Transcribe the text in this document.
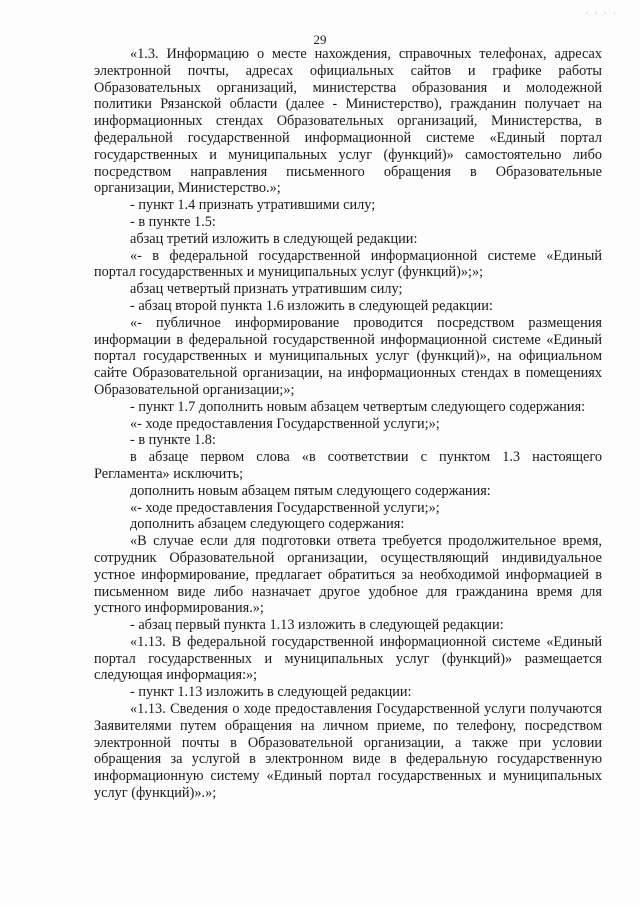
· · · ·
29

«1.3. Информацию о месте нахождения, справочных телефонах, адресах электронной почты, адресах официальных сайтов и графике работы Образовательных организаций, министерства образования и молодежной политики Рязанской области (далее - Министерство), гражданин получает на информационных стендах Образовательных организаций, Министерства, в федеральной государственной информационной системе «Единый портал государственных и муниципальных услуг (функций)» самостоятельно либо посредством направления письменного обращения в Образовательные организации, Министерство.»;

- пункт 1.4 признать утратившими силу;

- в пункте 1.5:

абзац третий изложить в следующей редакции:

«- в федеральной государственной информационной системе «Единый портал государственных и муниципальных услуг (функций)»;»;

абзац четвертый признать утратившим силу;

- абзац второй пункта 1.6 изложить в следующей редакции:

«- публичное информирование проводится посредством размещения информации в федеральной государственной информационной системе «Единый портал государственных и муниципальных услуг (функций)», на официальном сайте Образовательной организации, на информационных стендах в помещениях Образовательной организации;»;

- пункт 1.7 дополнить новым абзацем четвертым следующего содержания:

«- ходе предоставления Государственной услуги;»;

- в пункте 1.8:

в абзаце первом слова «в соответствии с пунктом 1.3 настоящего Регламента» исключить;

дополнить новым абзацем пятым следующего содержания:

«- ходе предоставления Государственной услуги;»;

дополнить абзацем следующего содержания:

«В случае если для подготовки ответа требуется продолжительное время, сотрудник Образовательной организации, осуществляющий индивидуальное устное информирование, предлагает обратиться за необходимой информацией в письменном виде либо назначает другое удобное для гражданина время для устного информирования.»;

- абзац первый пункта 1.13 изложить в следующей редакции:

«1.13. В федеральной государственной информационной системе «Единый портал государственных и муниципальных услуг (функций)» размещается следующая информация:»;

- пункт 1.13 изложить в следующей редакции:

«1.13. Сведения о ходе предоставления Государственной услуги получаются Заявителями путем обращения на личном приеме, по телефону, посредством электронной почты в Образовательной организации, а также при условии обращения за услугой в электронном виде в федеральную государственную информационную систему «Единый портал государственных и муниципальных услуг (функций)».»;
